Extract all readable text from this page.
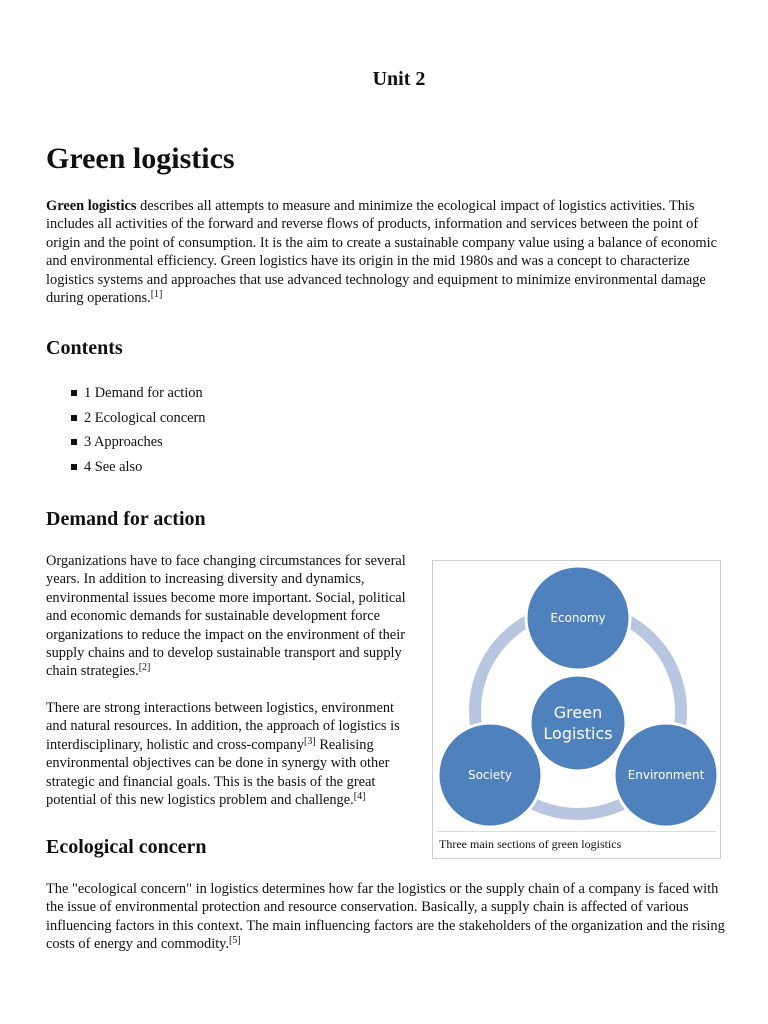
Unit 2
Green logistics

Green logistics describes all attempts to measure and minimize the ecological impact of logistics activities. This includes all activities of the forward and reverse flows of products, information and services between the point of origin and the point of consumption. It is the aim to create a sustainable company value using a balance of economic and environmental efficiency. Green logistics have its origin in the mid 1980s and was a concept to characterize logistics systems and approaches that use advanced technology and equipment to minimize environmental damage during operations.[1]

Contents
1 Demand for action
2 Ecological concern
3 Approaches
4 See also
Demand for action

Organizations have to face changing circumstances for several years. In addition to increasing diversity and dynamics, environmental issues become more important. Social, political and economic demands for sustainable development force organizations to reduce the impact on the environment of their supply chains and to develop sustainable transport and supply chain strategies.[2]

There are strong interactions between logistics, environment and natural resources. In addition, the approach of logistics is interdisciplinary, holistic and cross-company[3] Realising environmental objectives can be done in synergy with other strategic and financial goals. This is the basis of the great potential of this new logistics problem and challenge.[4]

Economy
Society	Environment
Green
Logistics
Three main sections of green logistics
Ecological concern

The "ecological concern" in logistics determines how far the logistics or the supply chain of a company is faced with the issue of environmental protection and resource conservation. Basically, a supply chain is affected of various influencing factors in this context. The main influencing factors are the stakeholders of the organization and the rising costs of energy and commodity.[5]
